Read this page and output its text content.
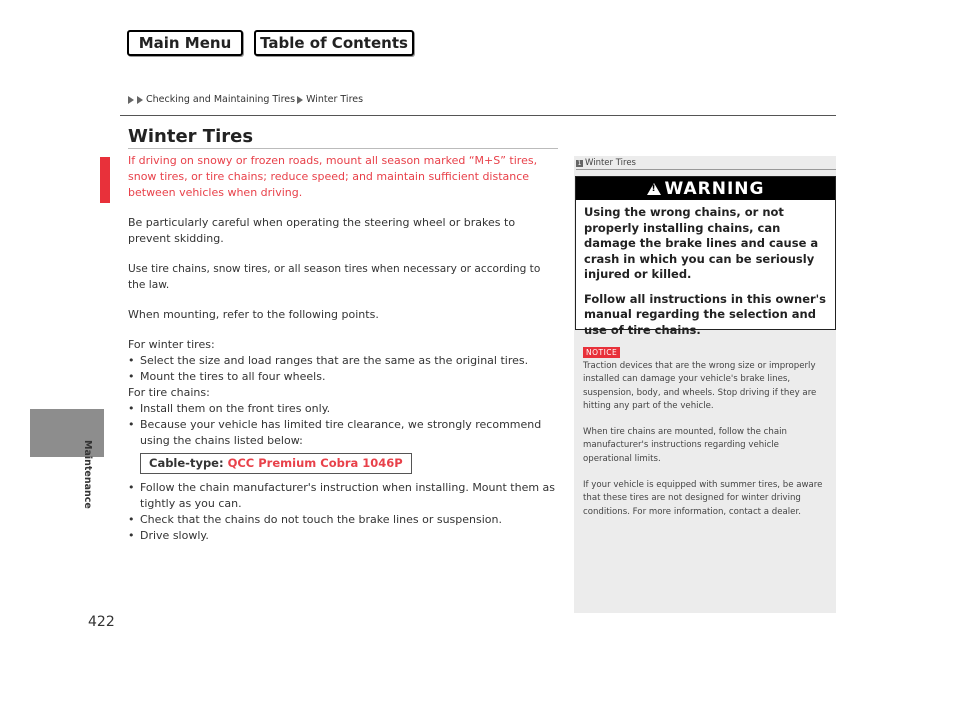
Main Menu	Table of Contents
Checking and Maintaining Tires Winter Tires
Winter Tires
Maintenance

If driving on snowy or frozen roads, mount all season marked “M+S” tires, snow tires, or tire chains; reduce speed; and maintain sufficient distance between vehicles when driving.

Be particularly careful when operating the steering wheel or brakes to prevent skidding.

Use tire chains, snow tires, or all season tires when necessary or according to the law.

When mounting, refer to the following points.

For winter tires:
• Select the size and load ranges that are the same as the original tires.
• Mount the tires to all four wheels.
For tire chains:
• Install them on the front tires only.
• Because your vehicle has limited tire clearance, we strongly recommend using the chains listed below:
Cable-type: QCC Premium Cobra 1046P
• Follow the chain manufacturer's instruction when installing. Mount them as tightly as you can.
• Check that the chains do not touch the brake lines or suspension.
• Drive slowly.
1 Winter Tires
! WARNING

Using the wrong chains, or not properly installing chains, can damage the brake lines and cause a crash in which you can be seriously injured or killed.

Follow all instructions in this owner's manual regarding the selection and use of tire chains.

NOTICE

Traction devices that are the wrong size or improperly installed can damage your vehicle's brake lines, suspension, body, and wheels. Stop driving if they are hitting any part of the vehicle.

When tire chains are mounted, follow the chain manufacturer's instructions regarding vehicle operational limits.

If your vehicle is equipped with summer tires, be aware that these tires are not designed for winter driving conditions. For more information, contact a dealer.

422
